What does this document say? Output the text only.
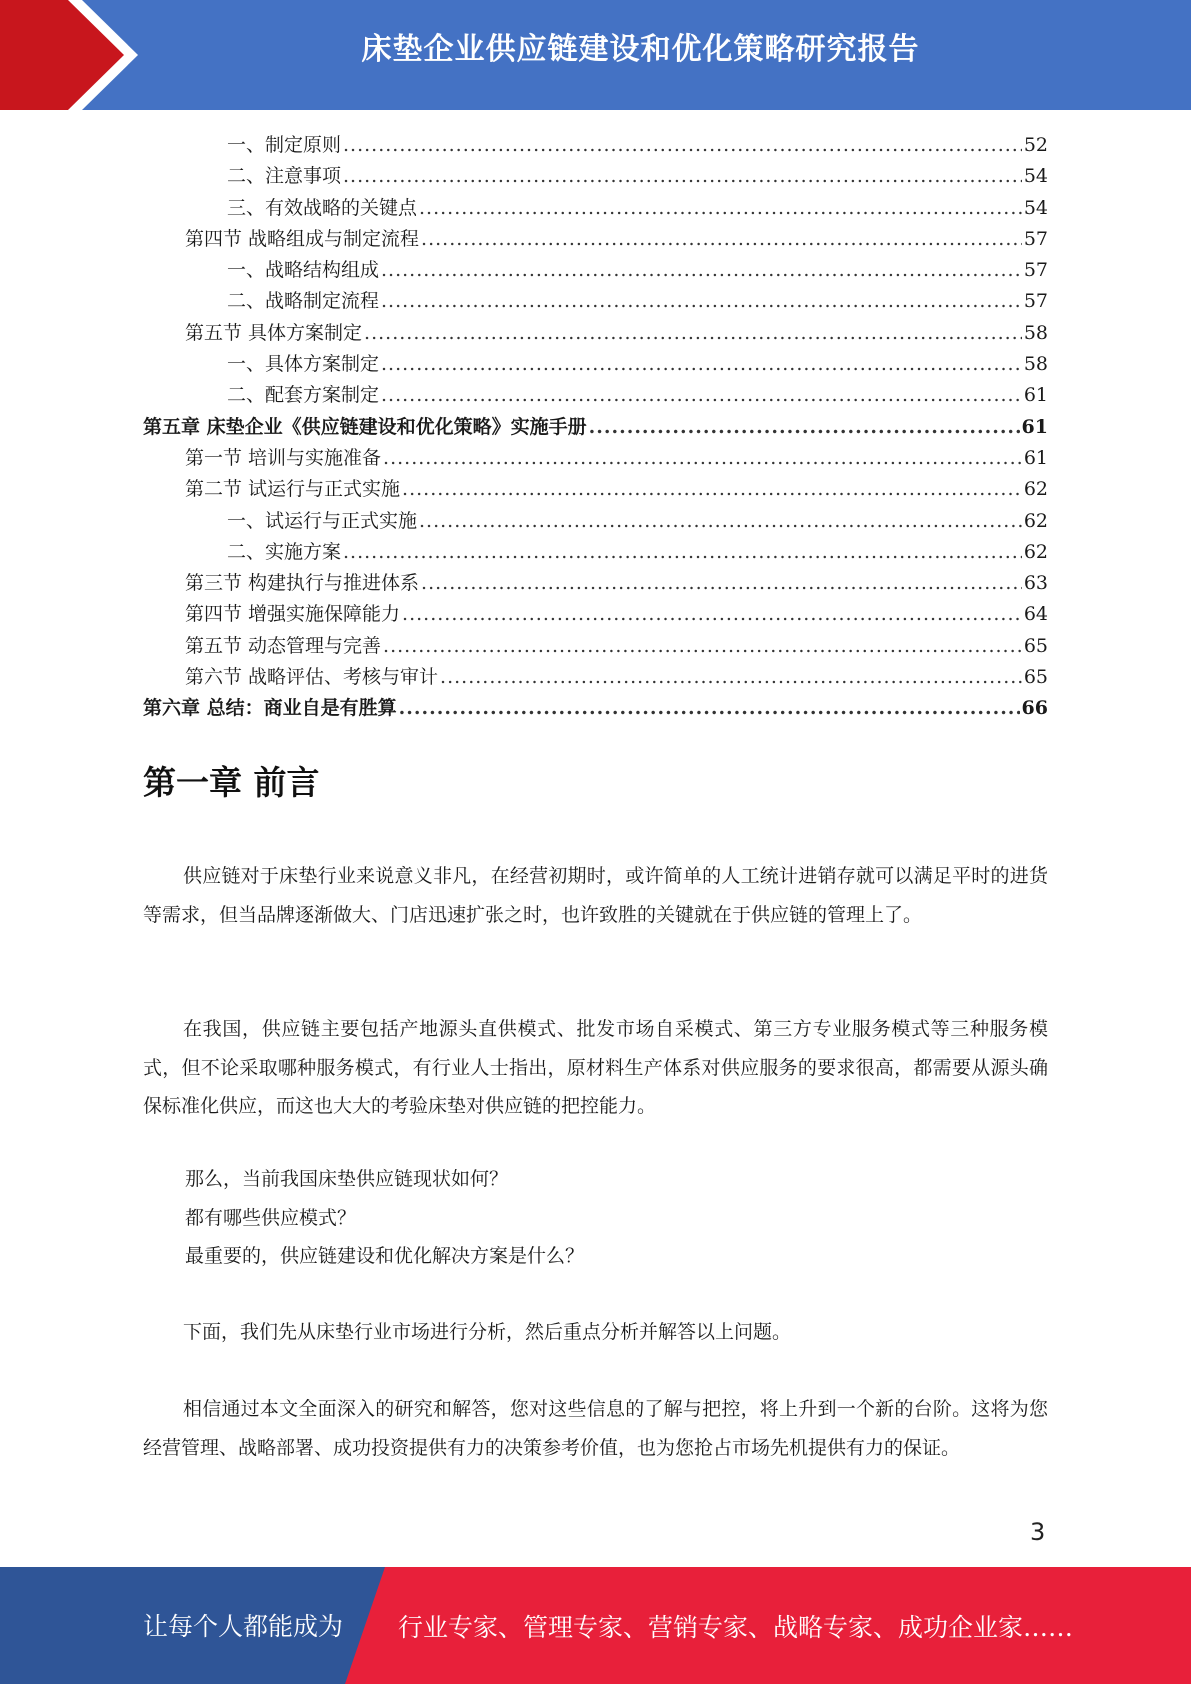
床垫企业供应链建设和优化策略研究报告
一、制定原则 .....	52
二、注意事项 .....	54
三、有效战略的关键点 .....	54
第四节 战略组成与制定流程 .....	57
一、战略结构组成 .....	57
二、战略制定流程 .....	57
第五节 具体方案制定 .....	58
一、具体方案制定 .....	58
二、配套方案制定 .....	61
第五章 床垫企业《供应链建设和优化策略》实施手册 .....	61
第一节 培训与实施准备 .....	61
第二节 试运行与正式实施 .....	62
一、试运行与正式实施 .....	62
二、实施方案 .....	62
第三节 构建执行与推进体系 .....	63
第四节 增强实施保障能力 .....	64
第五节 动态管理与完善 .....	65
第六节 战略评估、考核与审计 .....	65
第六章 总结：商业自是有胜算 .....	66
第一章 前言

供应链对于床垫行业来说意义非凡，在经营初期时，或许简单的人工统计进销存就可以满足平时的进货等需求，但当品牌逐渐做大、门店迅速扩张之时，也许致胜的关键就在于供应链的管理上了。

在我国，供应链主要包括产地源头直供模式、批发市场自采模式、第三方专业服务模式等三种服务模式，但不论采取哪种服务模式，有行业人士指出，原材料生产体系对供应服务的要求很高，都需要从源头确保标准化供应，而这也大大的考验床垫对供应链的把控能力。

那么，当前我国床垫供应链现状如何？
都有哪些供应模式？
最重要的，供应链建设和优化解决方案是什么？

下面，我们先从床垫行业市场进行分析，然后重点分析并解答以上问题。

相信通过本文全面深入的研究和解答，您对这些信息的了解与把控，将上升到一个新的台阶。这将为您经营管理、战略部署、成功投资提供有力的决策参考价值，也为您抢占市场先机提供有力的保证。

3
让每个人都能成为 行业专家、管理专家、营销专家、战略专家、成功企业家……
